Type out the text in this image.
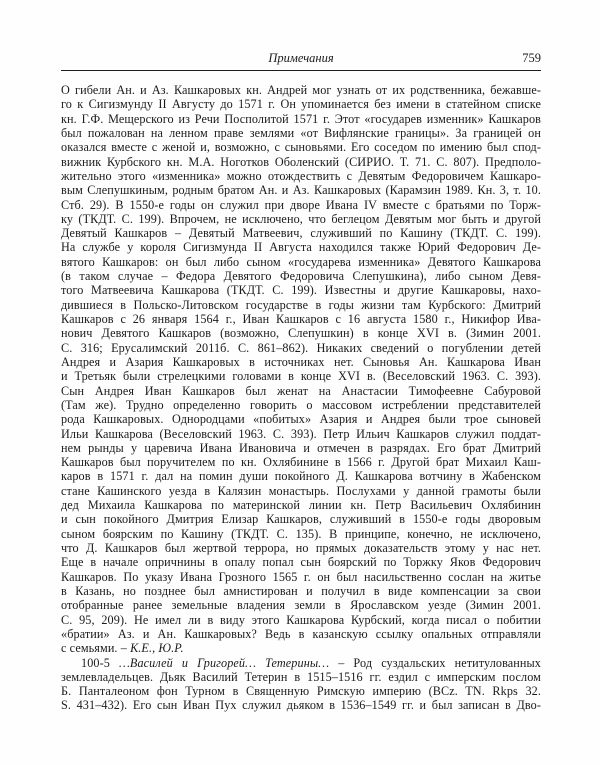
Примечания	759
О гибели Ан. и Аз. Кашкаровых кн. Андрей мог узнать от их родственника, бежавше-
го к Сигизмунду II Августу до 1571 г. Он упоминается без имени в статейном списке
кн. Г.Ф. Мещерского из Речи Посполитой 1571 г. Этот «государев изменник» Кашкаров
был пожалован на ленном праве землями «от Вифлянские границы». За границей он
оказался вместе с женой и, возможно, с сыновьями. Его соседом по имению был спод-
вижник Курбского кн. М.А. Ноготков Оболенский (СИРИО. Т. 71. С. 807). Предполо-
жительно этого «изменника» можно отождествить с Девятым Федоровичем Кашкаро-
вым Слепушкиным, родным братом Ан. и Аз. Кашкаровых (Карамзин 1989. Кн. 3, т. 10.
Стб. 29). В 1550-е годы он служил при дворе Ивана IV вместе с братьями по Торж-
ку (ТКДТ. С. 199). Впрочем, не исключено, что беглецом Девятым мог быть и другой
Девятый Кашкаров – Девятый Матвеевич, служивший по Кашину (ТКДТ. С. 199).
На службе у короля Сигизмунда II Августа находился также Юрий Федорович Де-
вятого Кашкаров: он был либо сыном «государева изменника» Девятого Кашкарова
(в таком случае – Федора Девятого Федоровича Слепушкина), либо сыном Девя-
того Матвеевича Кашкарова (ТКДТ. С. 199). Известны и другие Кашкаровы, нахо-
дившиеся в Польско-Литовском государстве в годы жизни там Курбского: Дмитрий
Кашкаров с 26 января 1564 г., Иван Кашкаров с 16 августа 1580 г., Никифор Ива-
нович Девятого Кашкаров (возможно, Слепушкин) в конце XVI в. (Зимин 2001.
С. 316; Ерусалимский 2011б. С. 861–862). Никаких сведений о погублении детей
Андрея и Азария Кашкаровых в источниках нет. Сыновья Ан. Кашкарова Иван
и Третьяк были стрелецкими головами в конце XVI в. (Веселовский 1963. С. 393).
Сын Андрея Иван Кашкаров был женат на Анастасии Тимофеевне Сабуровой
(Там же). Трудно определенно говорить о массовом истреблении представителей
рода Кашкаровых. Однородцами «побитых» Азария и Андрея были трое сыновей
Ильи Кашкарова (Веселовский 1963. С. 393). Петр Ильич Кашкаров служил поддат-
нем рынды у царевича Ивана Ивановича и отмечен в разрядах. Его брат Дмитрий
Кашкаров был поручителем по кн. Охлябинине в 1566 г. Другой брат Михаил Каш-
каров в 1571 г. дал на помин души покойного Д. Кашкарова вотчину в Жабенском
стане Кашинского уезда в Калязин монастырь. Послухами у данной грамоты были
дед Михаила Кашкарова по материнской линии кн. Петр Васильевич Охлябинин
и сын покойного Дмитрия Елизар Кашкаров, служивший в 1550-е годы дворовым
сыном боярским по Кашину (ТКДТ. С. 135). В принципе, конечно, не исключено,
что Д. Кашкаров был жертвой террора, но прямых доказательств этому у нас нет.
Еще в начале опричнины в опалу попал сын боярский по Торжку Яков Федорович
Кашкаров. По указу Ивана Грозного 1565 г. он был насильственно сослан на житье
в Казань, но позднее был амнистирован и получил в виде компенсации за свои
отобранные ранее земельные владения земли в Ярославском уезде (Зимин 2001.
С. 95, 209). Не имел ли в виду этого Кашкарова Курбский, когда писал о побитии
«братии» Аз. и Ан. Кашкаровых? Ведь в казанскую ссылку опальных отправляли
с семьями. – К.Е., Ю.Р.
100-5 …Василей и Григорей… Тетерины… – Род суздальских нетитулованных
землевладельцев. Дьяк Василий Тетерин в 1515–1516 гг. ездил с имперским послом
Б. Панталеоном фон Турном в Священную Римскую империю (BCz. TN. Rkps 32.
S. 431–432). Его сын Иван Пух служил дьяком в 1536–1549 гг. и был записан в Дво-
